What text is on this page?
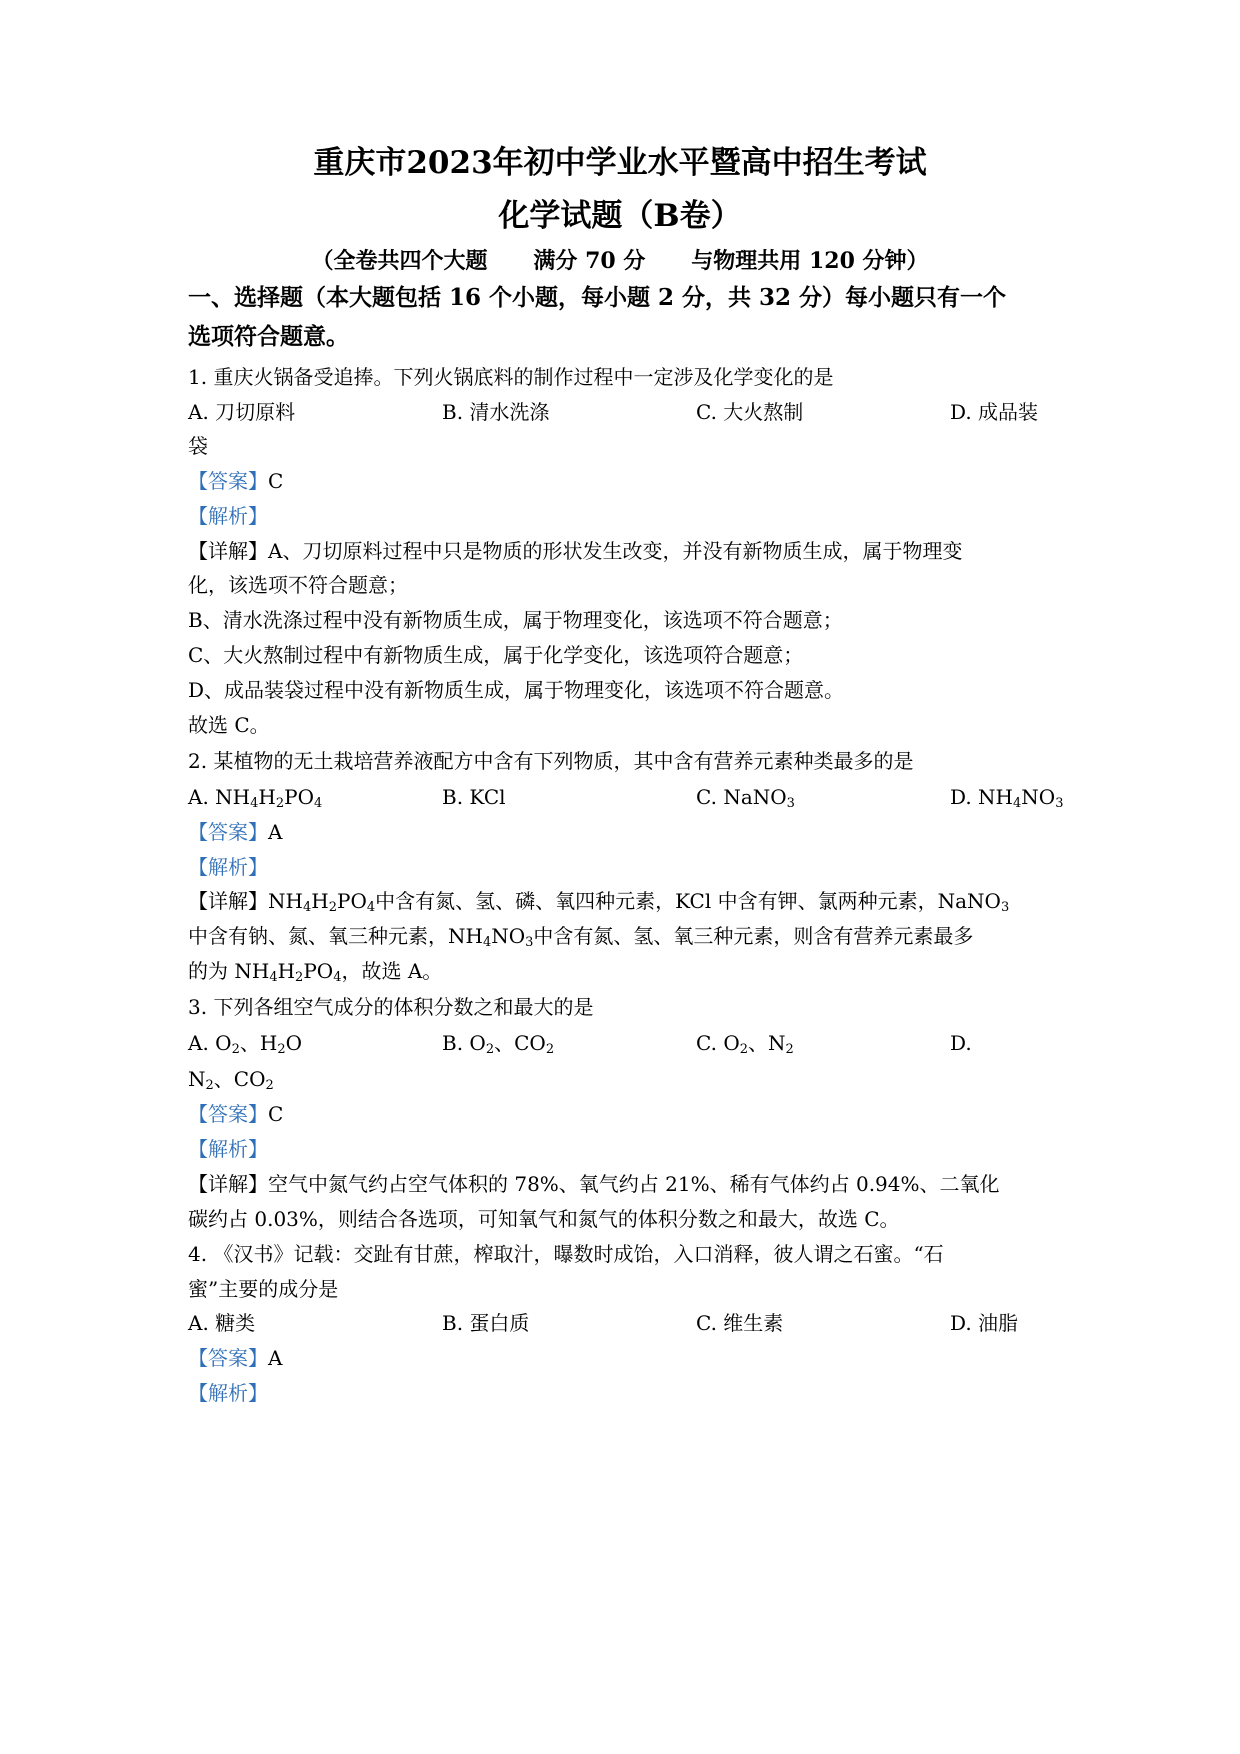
重庆市2023年初中学业水平暨高中招生考试
化学试题（B卷）
（全卷共四个大题      满分 70 分      与物理共用 120 分钟）
一、选择题（本大题包括 16 个小题，每小题 2 分，共 32 分）每小题只有一个
选项符合题意。
1. 重庆火锅备受追捧。下列火锅底料的制作过程中一定涉及化学变化的是
A. 刀切原料	B. 清水洗涤	C. 大火熬制	D. 成品装
袋
【答案】C
【解析】
【详解】A、刀切原料过程中只是物质的形状发生改变，并没有新物质生成，属于物理变
化，该选项不符合题意；
B、清水洗涤过程中没有新物质生成，属于物理变化，该选项不符合题意；
C、大火熬制过程中有新物质生成，属于化学变化，该选项符合题意；
D、成品装袋过程中没有新物质生成，属于物理变化，该选项不符合题意。
故选 C。
2. 某植物的无土栽培营养液配方中含有下列物质，其中含有营养元素种类最多的是
A. $NH_4H_2PO_4$	B. KCl	C. NaNO$_3$	D. $NH_4NO_3$
【答案】A
【解析】
【详解】$NH_4H_2PO_4$中含有氮、氢、磷、氧四种元素，KCl 中含有钾、氯两种元素，NaNO$_3$
中含有钠、氮、氧三种元素，$NH_4NO_3$中含有氮、氢、氧三种元素，则含有营养元素最多
的为 $NH_4H_2PO_4$，故选 A。
3. 下列各组空气成分的体积分数之和最大的是
A. $O_2$、$H_2O$	B. $O_2$、$CO_2$	C. $O_2$、$N_2$	D.
$N_2$、$CO_2$
【答案】C
【解析】
【详解】空气中氮气约占空气体积的 78%、氧气约占 21%、稀有气体约占 0.94%、二氧化
碳约占 0.03%，则结合各选项，可知氧气和氮气的体积分数之和最大，故选 C。
4. 《汉书》记载：交趾有甘蔗，榨取汁，曝数时成饴，入口消释，彼人谓之石蜜。“石
蜜”主要的成分是
A. 糖类	B. 蛋白质	C. 维生素	D. 油脂
【答案】A
【解析】
